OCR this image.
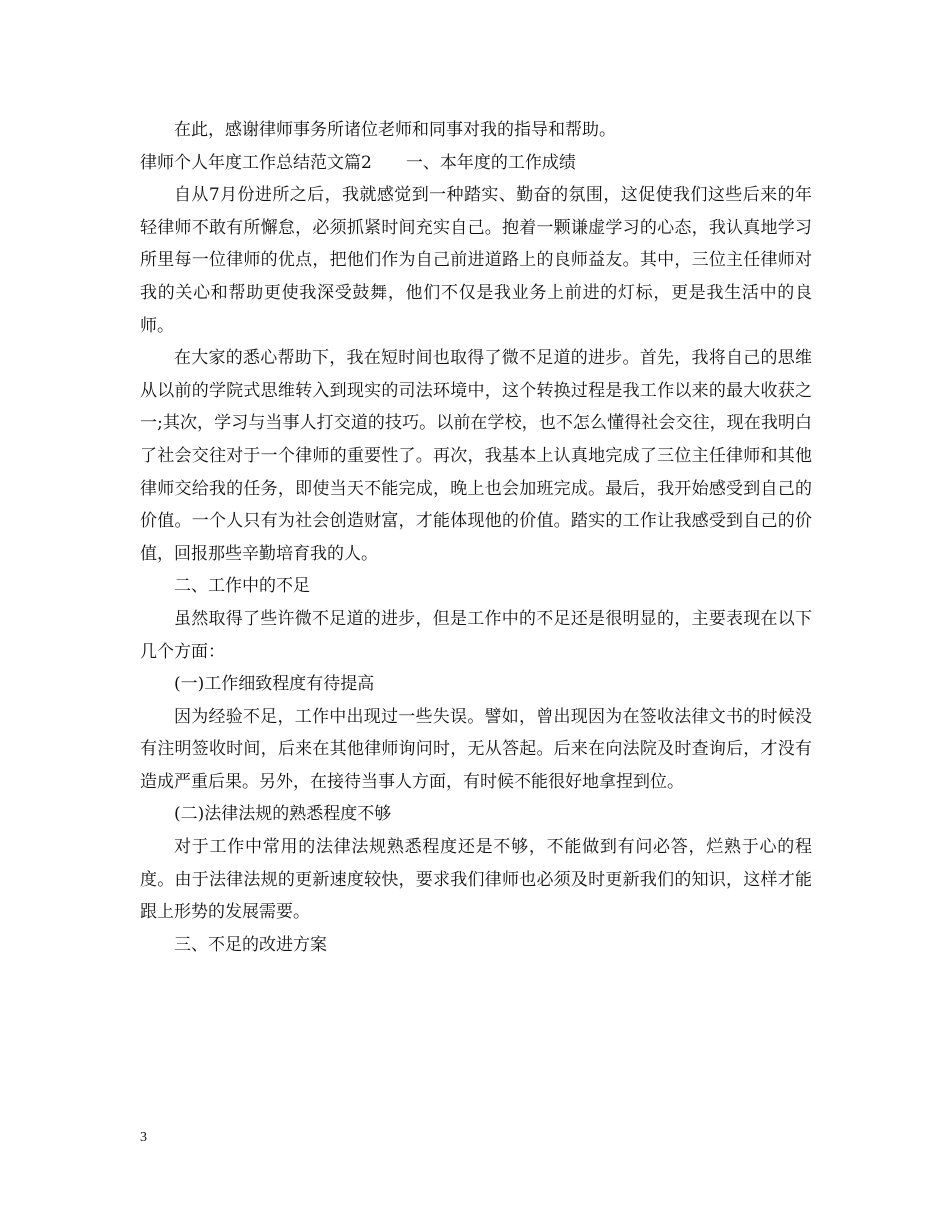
在此，感谢律师事务所诸位老师和同事对我的指导和帮助。

律师个人年度工作总结范文篇2　　一、本年度的工作成绩

自从7月份进所之后，我就感觉到一种踏实、勤奋的氛围，这促使我们这些后来的年轻律师不敢有所懈怠，必须抓紧时间充实自己。抱着一颗谦虚学习的心态，我认真地学习所里每一位律师的优点，把他们作为自己前进道路上的良师益友。其中，三位主任律师对我的关心和帮助更使我深受鼓舞，他们不仅是我业务上前进的灯标，更是我生活中的良师。

在大家的悉心帮助下，我在短时间也取得了微不足道的进步。首先，我将自己的思维从以前的学院式思维转入到现实的司法环境中，这个转换过程是我工作以来的最大收获之一;其次，学习与当事人打交道的技巧。以前在学校，也不怎么懂得社会交往，现在我明白了社会交往对于一个律师的重要性了。再次，我基本上认真地完成了三位主任律师和其他律师交给我的任务，即使当天不能完成，晚上也会加班完成。最后，我开始感受到自己的价值。一个人只有为社会创造财富，才能体现他的价值。踏实的工作让我感受到自己的价值，回报那些辛勤培育我的人。

二、工作中的不足

虽然取得了些许微不足道的进步，但是工作中的不足还是很明显的，主要表现在以下几个方面：

(一)工作细致程度有待提高

因为经验不足，工作中出现过一些失误。譬如，曾出现因为在签收法律文书的时候没有注明签收时间，后来在其他律师询问时，无从答起。后来在向法院及时查询后，才没有造成严重后果。另外，在接待当事人方面，有时候不能很好地拿捏到位。

(二)法律法规的熟悉程度不够

对于工作中常用的法律法规熟悉程度还是不够，不能做到有问必答，烂熟于心的程度。由于法律法规的更新速度较快，要求我们律师也必须及时更新我们的知识，这样才能跟上形势的发展需要。

三、不足的改进方案

3
